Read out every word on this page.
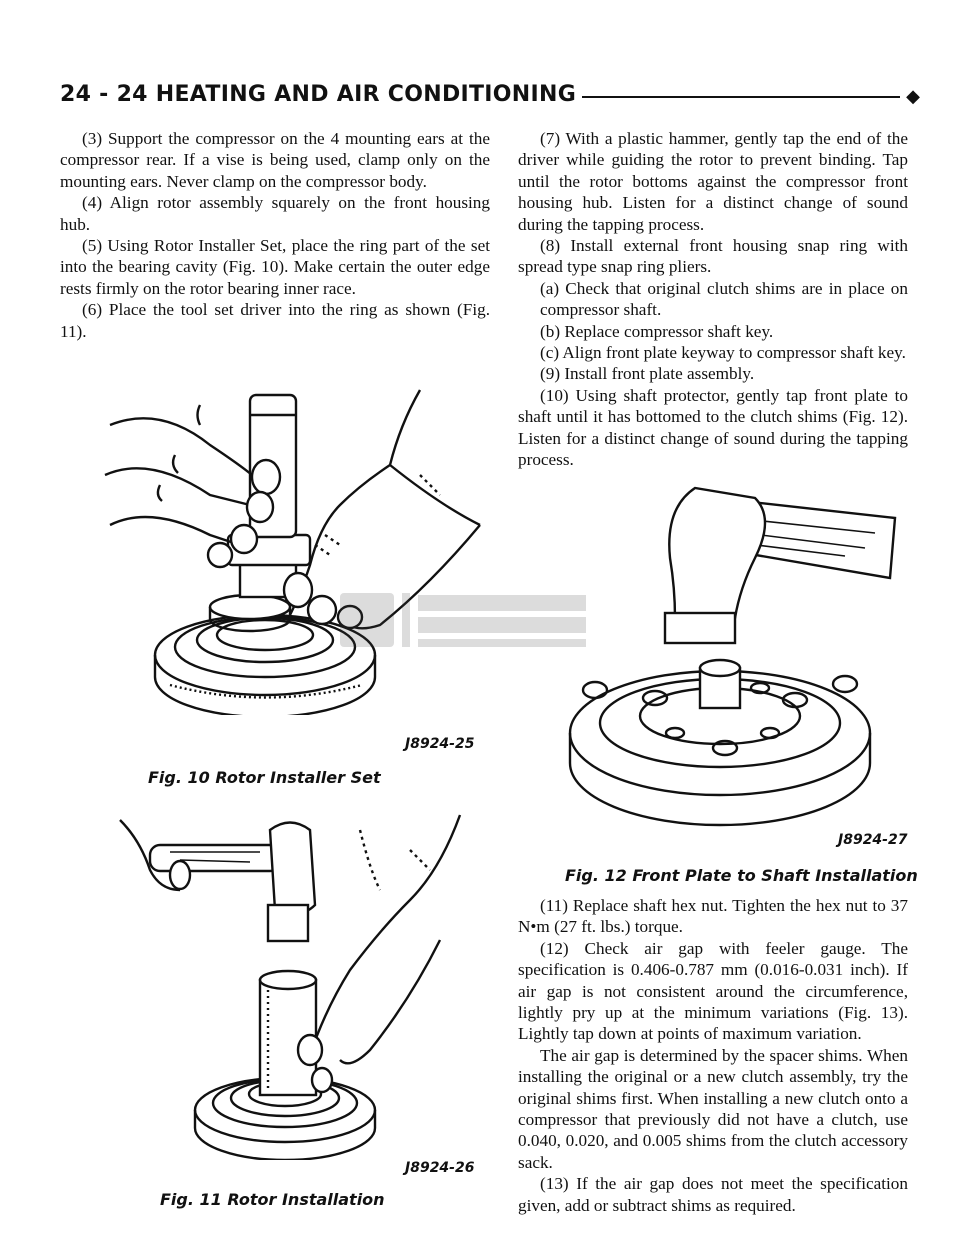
24 - 24 HEATING AND AIR CONDITIONING	◆

(3) Support the compressor on the 4 mounting ears at the compressor rear. If a vise is being used, clamp only on the mounting ears. Never clamp on the compressor body.

(4) Align rotor assembly squarely on the front housing hub.

(5) Using Rotor Installer Set, place the ring part of the set into the bearing cavity (Fig. 10). Make certain the outer edge rests firmly on the rotor bearing inner race.

(6) Place the tool set driver into the ring as shown (Fig. 11).

(7) With a plastic hammer, gently tap the end of the driver while guiding the rotor to prevent binding. Tap until the rotor bottoms against the compressor front housing hub. Listen for a distinct change of sound during the tapping process.

(8) Install external front housing snap ring with spread type snap ring pliers.

(a) Check that original clutch shims are in place on compressor shaft.

(b) Replace compressor shaft key.

(c) Align front plate keyway to compressor shaft key.

(9) Install front plate assembly.

(10) Using shaft protector, gently tap front plate to shaft until it has bottomed to the clutch shims (Fig. 12). Listen for a distinct change of sound during the tapping process.

(11) Replace shaft hex nut. Tighten the hex nut to 37 N•m (27 ft. lbs.) torque.

(12) Check air gap with feeler gauge. The specification is 0.406-0.787 mm (0.016-0.031 inch). If air gap is not consistent around the circumference, lightly pry up at the minimum variations (Fig. 13). Lightly tap down at points of maximum variation.

The air gap is determined by the spacer shims. When installing the original or a new clutch assembly, try the original shims first. When installing a new clutch onto a compressor that previously did not have a clutch, use 0.040, 0.020, and 0.005 shims from the clutch accessory sack.

(13) If the air gap does not meet the specification given, add or subtract shims as required.

J8924-25
Fig. 10 Rotor Installer Set
J8924-26
Fig. 11 Rotor Installation
J8924-27
Fig. 12 Front Plate to Shaft Installation
